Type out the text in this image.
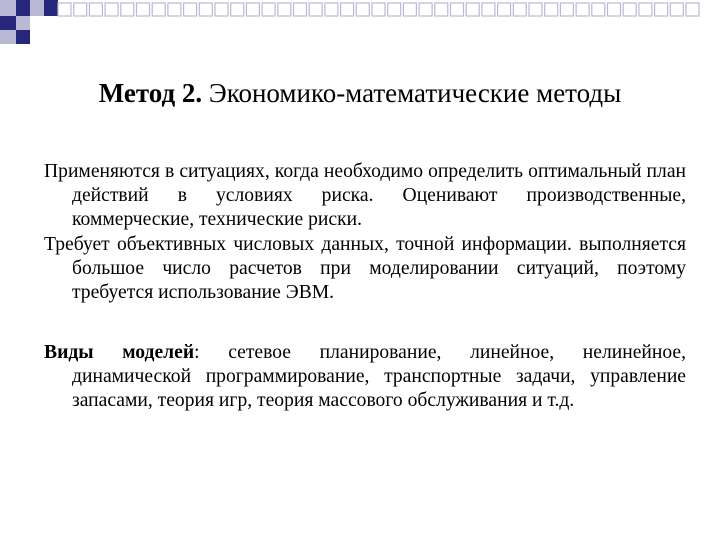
Метод 2. Экономико-математические методы

Применяются в ситуациях, когда необходимо определить оптимальный план действий в условиях риска. Оценивают производственные, коммерческие, технические риски.

Требует объективных числовых данных, точной информации. выполняется большое число расчетов при моделировании ситуаций, поэтому требуется использование ЭВМ.

Виды моделей: сетевое планирование, линейное, нелинейное, динамической программирование, транспортные задачи, управление запасами, теория игр, теория массового обслуживания и т.д.
